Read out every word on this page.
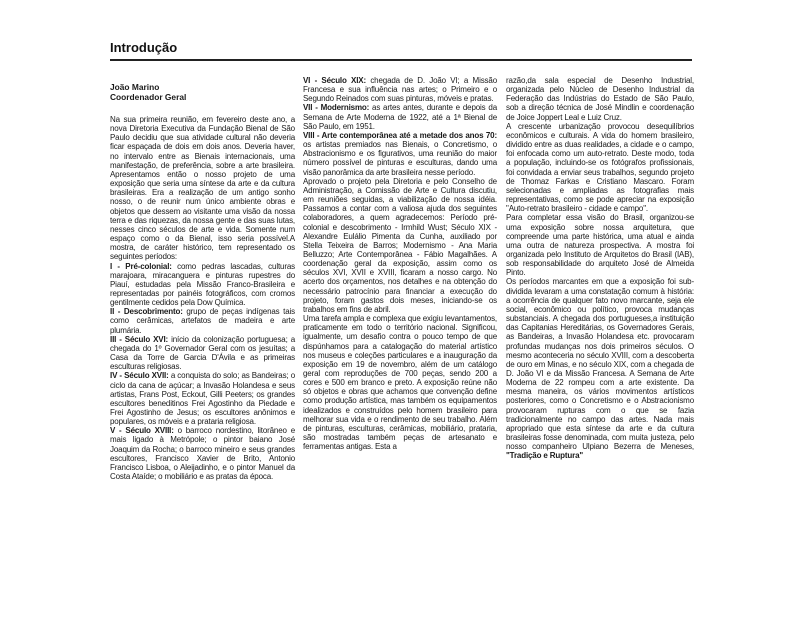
Introdução
João Marino
Coordenador Geral

Na sua primeira reunião, em fevereiro deste ano, a nova Diretoria Executiva da Fundação Bienal de São Paulo decidiu que sua atividade cultural não deveria ficar espaçada de dois em dois anos. Deveria haver, no intervalo entre as Bienais internacionais, uma manifestação, de preferência, sobre a arte brasileira. Apresentamos então o nosso projeto de uma exposição que seria uma síntese da arte e da cultura brasileiras. Era a realização de um antigo sonho nosso, o de reunir num único ambiente obras e objetos que dessem ao visitante uma visão da nossa terra e das riquezas, da nossa gente e das suas lutas, nesses cinco séculos de arte e vida. Somente num espaço como o da Bienal, isso seria possível.A mostra, de caráter histórico, tem representado os seguintes períodos:

I - Pré-colonial: como pedras lascadas, culturas marajoara, miracanguera e pinturas rupestres do Piauí, estudadas pela Missão Franco-Brasileira e representadas por painéis fotográficos, com cromos gentilmente cedidos pela Dow Química.

II - Descobrimento: grupo de peças indígenas tais como cerâmicas, artefatos de madeira e arte plumária.

III - Século XVI: início da colonização portuguesa; a chegada do 1º Governador Geral com os jesuítas; a Casa da Torre de Garcia D'Ávila e as primeiras esculturas religiosas.

IV - Século XVII: a conquista do solo; as Bandeiras; o ciclo da cana de açúcar; a Invasão Holandesa e seus artistas, Frans Post, Eckout, Gilli Peeters; os grandes escultores beneditinos Frei Agostinho da Piedade e Frei Agostinho de Jesus; os escultores anônimos e populares, os móveis e a prataria religiosa.

V - Século XVIII: o barroco nordestino, litorâneo e mais ligado à Metrópole; o pintor baiano José Joaquim da Rocha; o barroco mineiro e seus grandes escultores, Francisco Xavier de Brito, Antonio Francisco Lisboa, o Aleijadinho, e o pintor Manuel da Costa Ataíde; o mobiliário e as pratas da época.

VI - Século XIX: chegada de D. João VI; a Missão Francesa e sua influência nas artes; o Primeiro e o Segundo Reinados com suas pinturas, móveis e pratas.

VII - Modernismo: as artes antes, durante e depois da Semana de Arte Moderna de 1922, até a 1ª Bienal de São Paulo, em 1951.

VIII - Arte contemporânea até a metade dos anos 70: os artistas premiados nas Bienais, o Concretismo, o Abstracionismo e os figurativos, uma reunião do maior número possível de pinturas e esculturas, dando uma visão panorâmica da arte brasileira nesse período.

Aprovado o projeto pela Diretoria e pelo Conselho de Administração, a Comissão de Arte e Cultura discutiu, em reuniões seguidas, a viabilização de nossa idéia. Passamos a contar com a valiosa ajuda dos seguintes colaboradores, a quem agradecemos: Período pré-colonial e descobrimento - Irmhild Wust; Século XIX - Alexandre Eulálio Pimenta da Cunha, auxiliado por Stella Teixeira de Barros; Modernismo - Ana Maria Belluzzo; Arte Contemporânea - Fábio Magalhães. A coordenação geral da exposição, assim como os séculos XVI, XVII e XVIII, ficaram a nosso cargo. No acerto dos orçamentos, nos detalhes e na obtenção do necessário patrocínio para financiar a execução do projeto, foram gastos dois meses, iniciando-se os trabalhos em fins de abril.

Uma tarefa ampla e complexa que exigiu levantamentos, praticamente em todo o território nacional. Significou, igualmente, um desafio contra o pouco tempo de que dispúnhamos para a catalogação do material artístico nos museus e coleções particulares e a inauguração da exposição em 19 de novembro, além de um catálogo geral com reproduções de 700 peças, sendo 200 a cores e 500 em branco e preto. A exposição reúne não só objetos e obras que achamos que convenção define como produção artística, mas também os equipamentos idealizados e construídos pelo homem brasileiro para melhorar sua vida e o rendimento de seu trabalho. Além de pinturas, esculturas, cerâmicas, mobiliário, prataria, são mostradas também peças de artesanato e ferramentas antigas. Esta a

razão,da sala especial de Desenho Industrial, organizada pelo Núcleo de Desenho Industrial da Federação das Indústrias do Estado de São Paulo, sob a direção técnica de José Mindlin e coordenação de Joice Joppert Leal e Luiz Cruz.

A crescente urbanização provocou desequilíbrios econômicos e culturais. A vida do homem brasileiro, dividido entre as duas realidades, a cidade e o campo, foi enfocada como um auto-retrato. Deste modo, toda a população, incluindo-se os fotógrafos profissionais, foi convidada a enviar seus trabalhos, segundo projeto de Thomaz Farkas e Cristiano Mascaro. Foram selecionadas e ampliadas as fotografias mais representativas, como se pode apreciar na exposição "Auto-retrato brasileiro - cidade e campo".

Para completar essa visão do Brasil, organizou-se uma exposição sobre nossa arquitetura, que compreende uma parte histórica, uma atual e ainda uma outra de natureza prospectiva. A mostra foi organizada pelo Instituto de Arquitetos do Brasil (IAB), sob responsabilidade do arquiteto José de Almeida Pinto.

Os períodos marcantes em que a exposição foi sub-dividida levaram a uma constatação comum à história: a ocorrência de qualquer fato novo marcante, seja ele social, econômico ou político, provoca mudanças substanciais. A chegada dos portugueses,a instituição das Capitanias Hereditárias, os Governadores Gerais, as Bandeiras, a Invasão Holandesa etc. provocaram profundas mudanças nos dois primeiros séculos. O mesmo aconteceria no século XVIII, com a descoberta de ouro em Minas, e no século XIX, com a chegada de D. João VI e da Missão Francesa. A Semana de Arte Moderna de 22 rompeu com a arte existente. Da mesma maneira, os vários movimentos artísticos posteriores, como o Concretismo e o Abstracionismo provocaram rupturas com o que se fazia tradicionalmente no campo das artes. Nada mais apropriado que esta síntese da arte e da cultura brasileiras fosse denominada, com muita justeza, pelo nosso companheiro Ulpiano Bezerra de Meneses, "Tradição e Ruptura"
